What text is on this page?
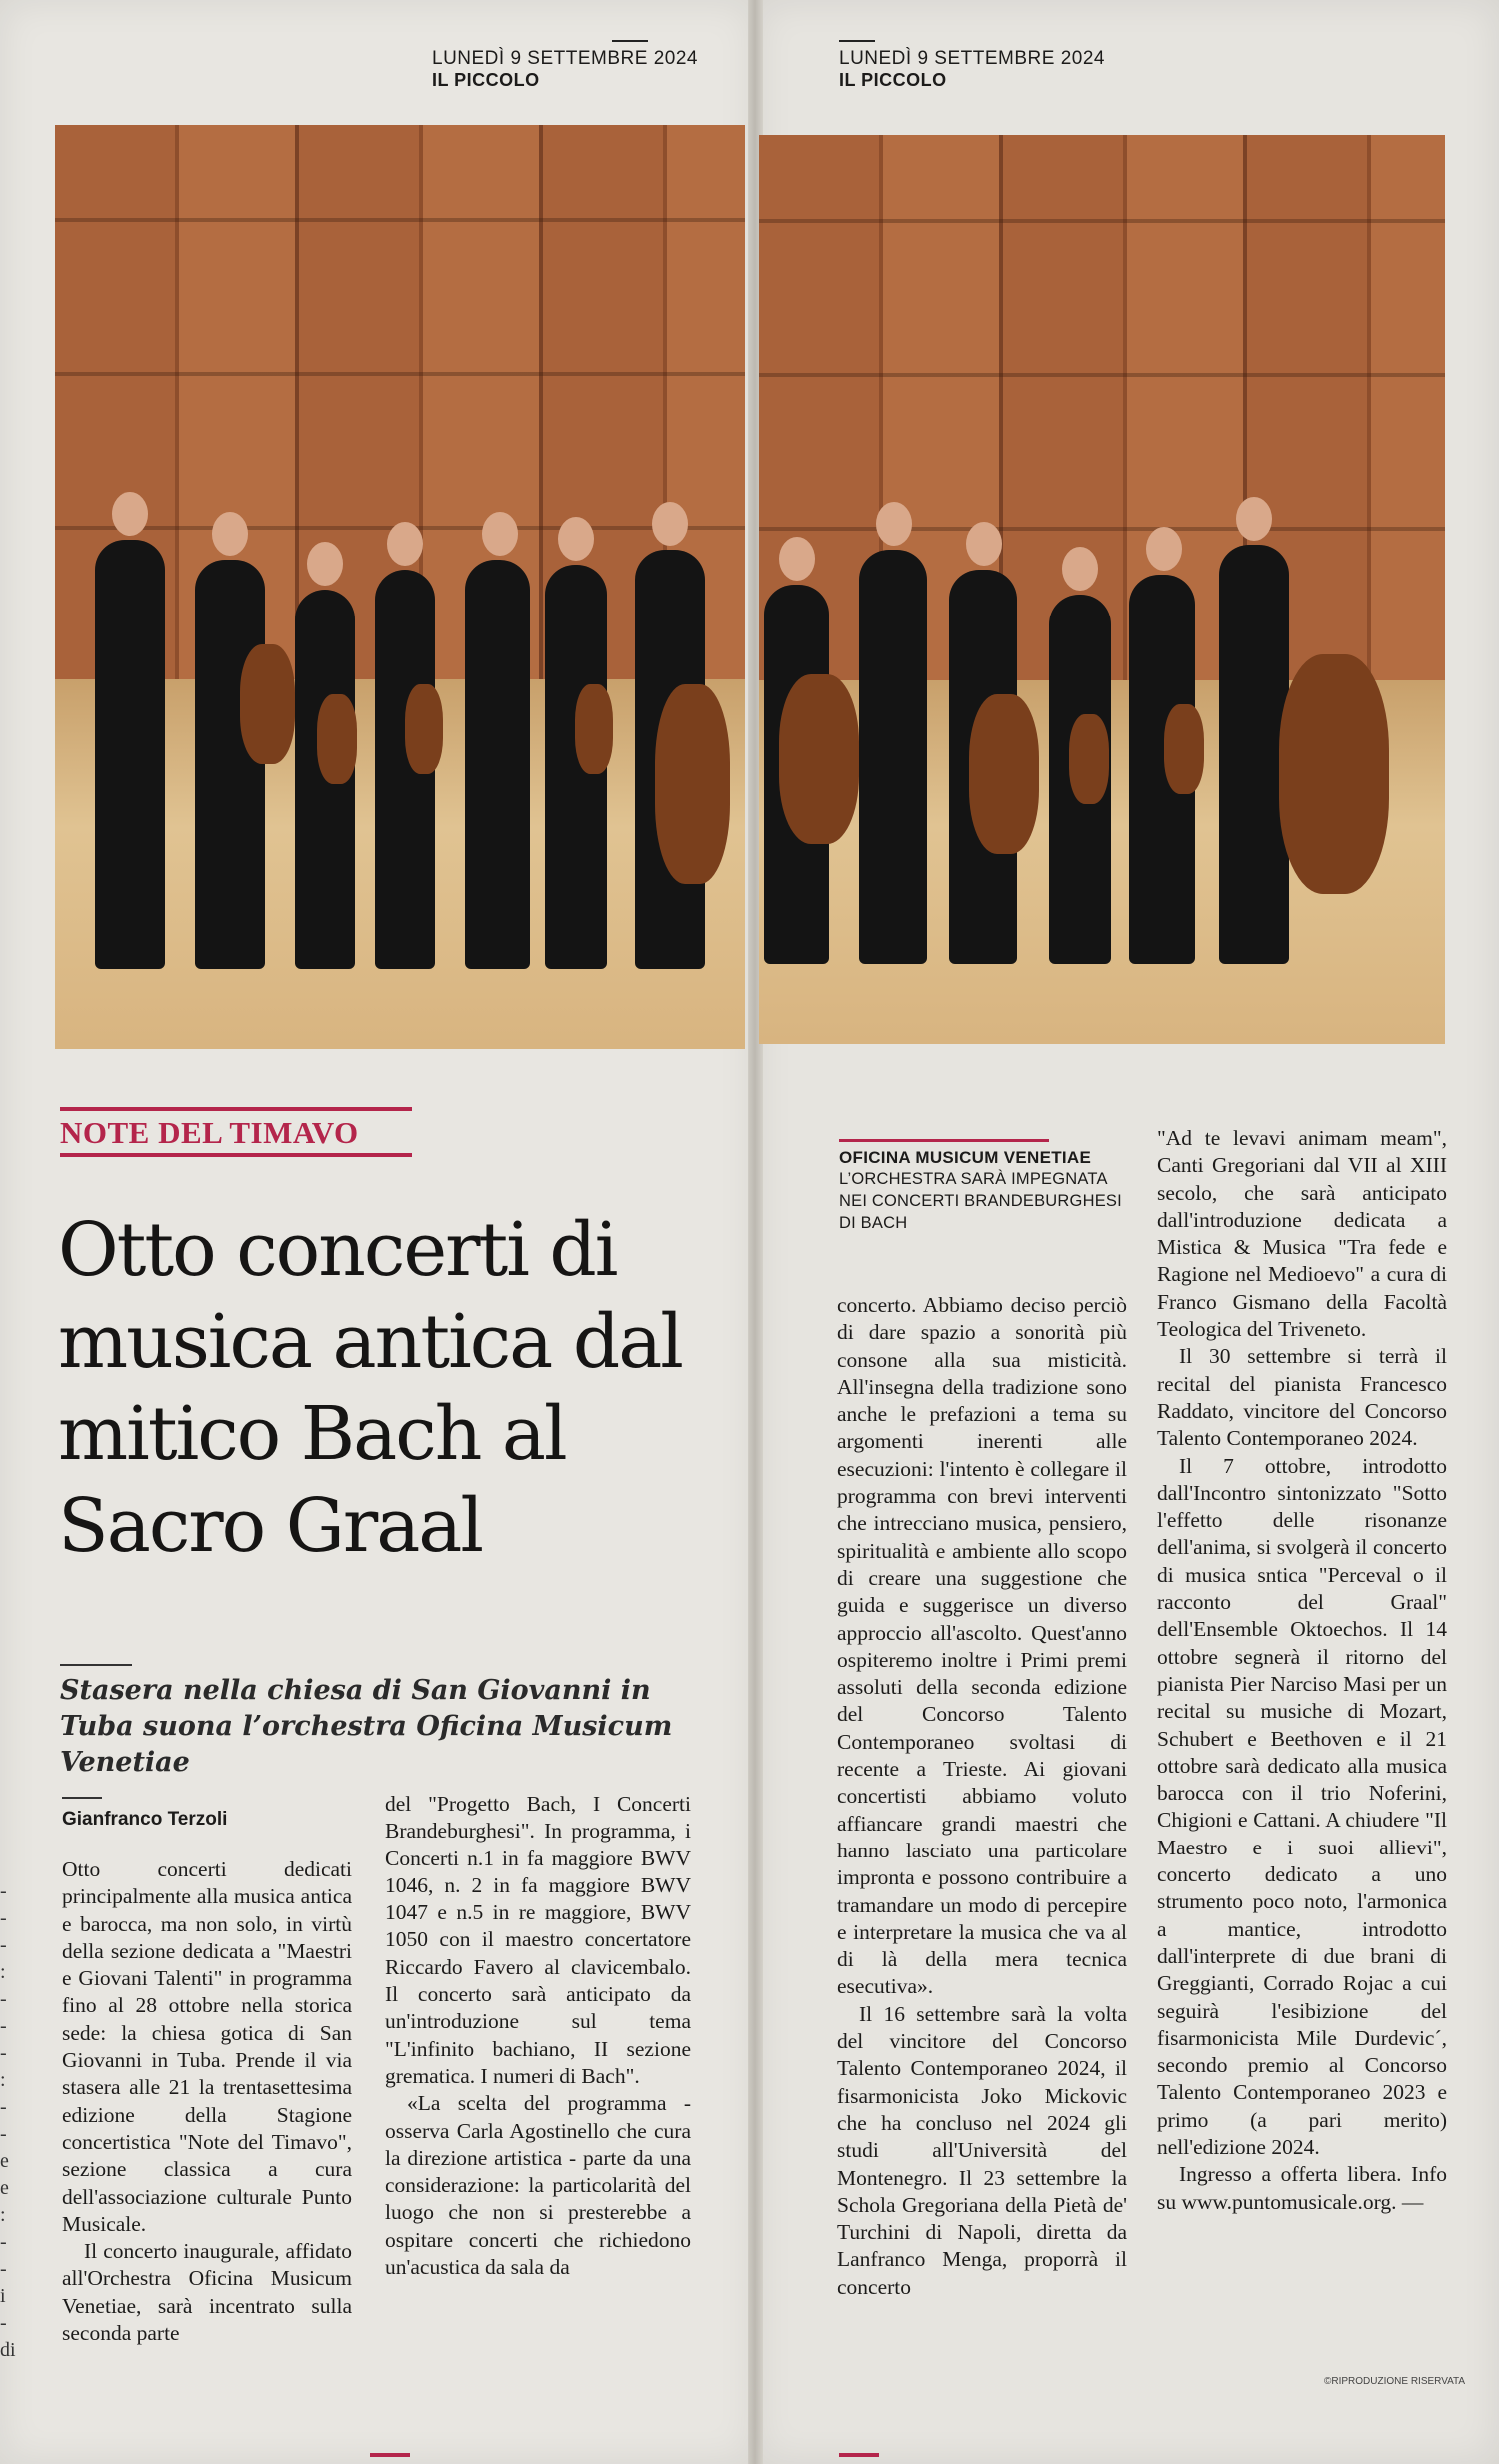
LUNEDÌ 9 SETTEMBRE 2024
IL PICCOLO
LUNEDÌ 9 SETTEMBRE 2024
IL PICCOLO
NOTE DEL TIMAVO
Otto concerti di musica antica dal mitico Bach al Sacro Graal
Stasera nella chiesa di San Giovanni in Tuba suona l’orchestra Oficina Musicum Venetiae
Gianfranco Terzoli
- - - : - - - : - - e e : - - i - di

Otto concerti dedicati principalmente alla musica antica e barocca, ma non solo, in virtù della sezione dedicata a "Maestri e Giovani Talenti" in programma fino al 28 ottobre nella storica sede: la chiesa gotica di San Giovanni in Tuba. Prende il via stasera alle 21 la trentasettesima edizione della Stagione concertistica "Note del Timavo", sezione classica a cura dell'associazione culturale Punto Musicale.

Il concerto inaugurale, affidato all'Orchestra Oficina Musicum Venetiae, sarà incentrato sulla seconda parte

del "Progetto Bach, I Concerti Brandeburghesi". In programma, i Concerti n.1 in fa maggiore BWV 1046, n. 2 in fa maggiore BWV 1047 e n.5 in re maggiore, BWV 1050 con il maestro concertatore Riccardo Favero al clavicembalo. Il concerto sarà anticipato da un'introduzione sul tema "L'infinito bachiano, II sezione grematica. I numeri di Bach".

«La scelta del programma - osserva Carla Agostinello che cura la direzione artistica - parte da una considerazione: la particolarità del luogo che non si presterebbe a ospitare concerti che richiedono un'acustica da sala da

OFICINA MUSICUM VENETIAE
L’ORCHESTRA SARÀ IMPEGNATA NEI CONCERTI BRANDEBURGHESI DI BACH

concerto. Abbiamo deciso perciò di dare spazio a sonorità più consone alla sua misticità. All'insegna della tradizione sono anche le prefazioni a tema su argomenti inerenti alle esecuzioni: l'intento è collegare il programma con brevi interventi che intrecciano musica, pensiero, spiritualità e ambiente allo scopo di creare una suggestione che guida e suggerisce un diverso approccio all'ascolto. Quest'anno ospiteremo inoltre i Primi premi assoluti della seconda edizione del Concorso Talento Contemporaneo svoltasi di recente a Trieste. Ai giovani concertisti abbiamo voluto affiancare grandi maestri che hanno lasciato una particolare impronta e possono contribuire a tramandare un modo di percepire e interpretare la musica che va al di là della mera tecnica esecutiva».

Il 16 settembre sarà la volta del vincitore del Concorso Talento Contemporaneo 2024, il fisarmonicista Joko Mickovic che ha concluso nel 2024 gli studi all'Università del Montenegro. Il 23 settembre la Schola Gregoriana della Pietà de' Turchini di Napoli, diretta da Lanfranco Menga, proporrà il concerto

"Ad te levavi animam meam", Canti Gregoriani dal VII al XIII secolo, che sarà anticipato dall'introduzione dedicata a Mistica & Musica "Tra fede e Ragione nel Medioevo" a cura di Franco Gismano della Facoltà Teologica del Triveneto.

Il 30 settembre si terrà il recital del pianista Francesco Raddato, vincitore del Concorso Talento Contemporaneo 2024.

Il 7 ottobre, introdotto dall'Incontro sintonizzato "Sotto l'effetto delle risonanze dell'anima, si svolgerà il concerto di musica sntica "Perceval o il racconto del Graal" dell'Ensemble Oktoechos. Il 14 ottobre segnerà il ritorno del pianista Pier Narciso Masi per un recital su musiche di Mozart, Schubert e Beethoven e il 21 ottobre sarà dedicato alla musica barocca con il trio Noferini, Chigioni e Cattani. A chiudere "Il Maestro e i suoi allievi", concerto dedicato a uno strumento poco noto, l'armonica a mantice, introdotto dall'interprete di due brani di Greggianti, Corrado Rojac a cui seguirà l'esibizione del fisarmonicista Mile Durdevic´, secondo premio al Concorso Talento Contemporaneo 2023 e primo (a pari merito) nell'edizione 2024.

Ingresso a offerta libera. Info su www.puntomusicale.org. —

©RIPRODUZIONE RISERVATA
